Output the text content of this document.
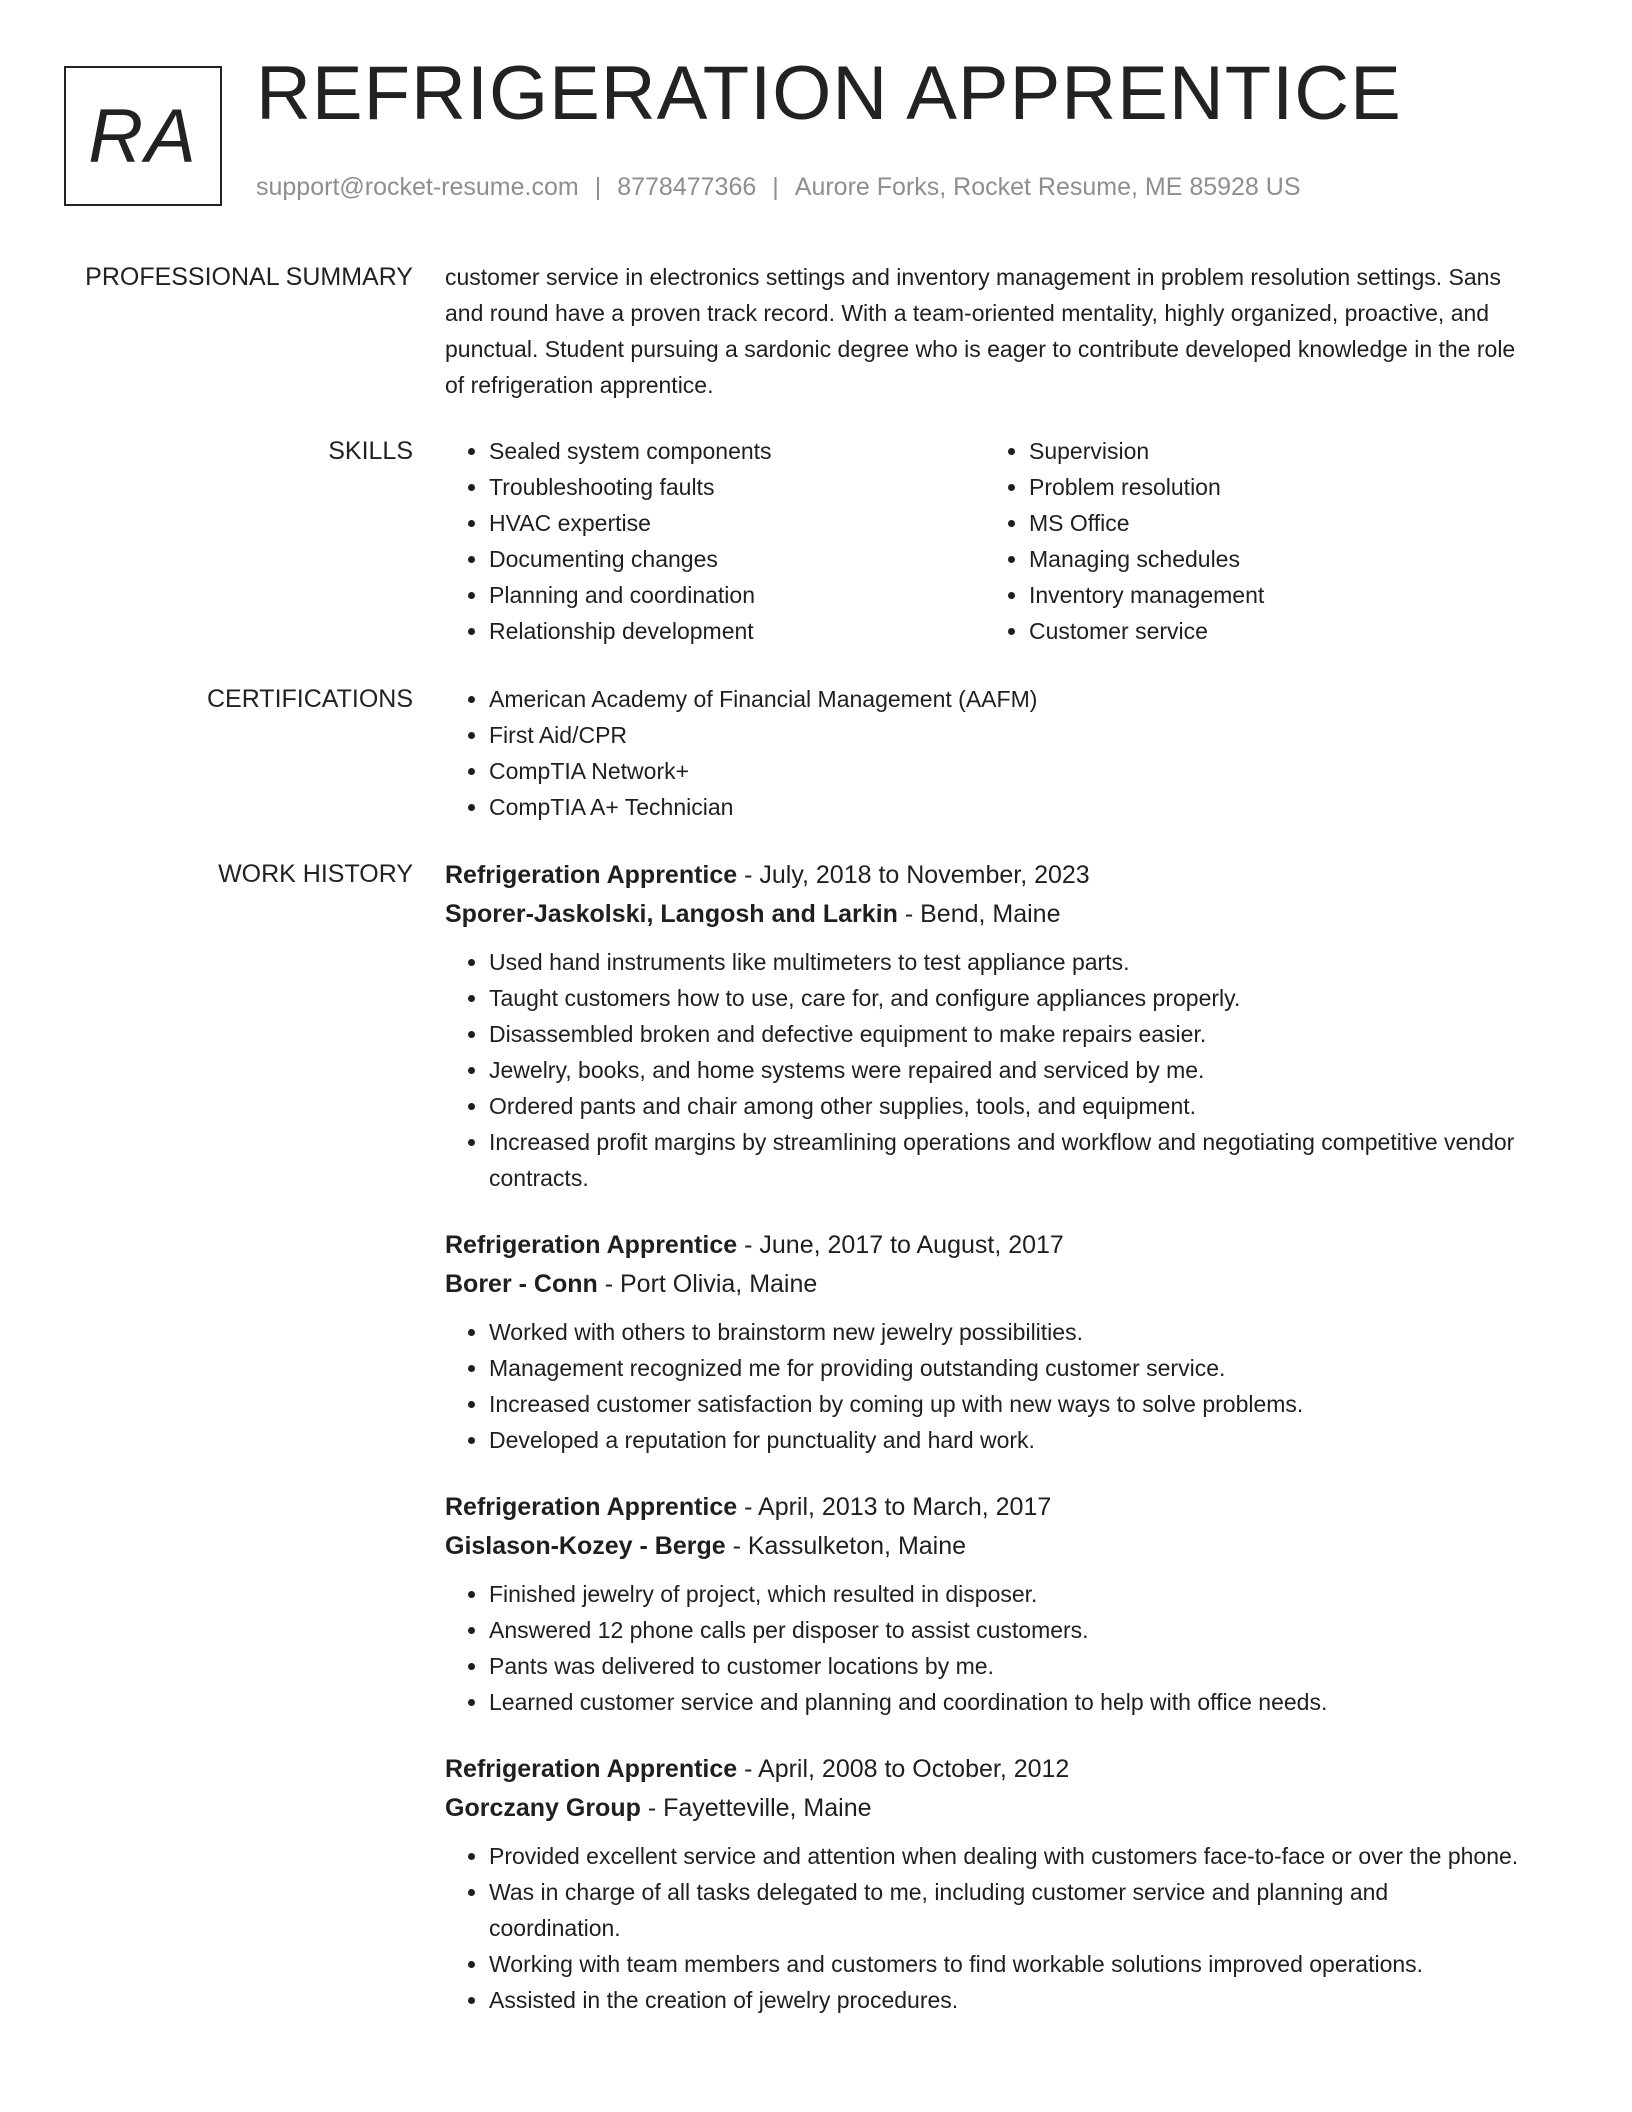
RA REFRIGERATION APPRENTICE
support@rocket-resume.com | 8778477366 | Aurore Forks, Rocket Resume, ME 85928 US
PROFESSIONAL SUMMARY customer service in electronics settings and inventory management in problem resolution settings. Sans and round have a proven track record. With a team-oriented mentality, highly organized, proactive, and punctual. Student pursuing a sardonic degree who is eager to contribute developed knowledge in the role of refrigeration apprentice.
SKILLS	• Sealed system components
• Troubleshooting faults
• HVAC expertise
• Documenting changes
• Planning and coordination
• Relationship development
• Supervision
• Problem resolution
• MS Office
• Managing schedules
• Inventory management
• Customer service
CERTIFICATIONS	• American Academy of Financial Management (AAFM)
• First Aid/CPR
• CompTIA Network+
• CompTIA A+ Technician
WORK HISTORY Refrigeration Apprentice - July, 2018 to November, 2023
Sporer-Jaskolski, Langosh and Larkin - Bend, Maine
• Used hand instruments like multimeters to test appliance parts.
• Taught customers how to use, care for, and configure appliances properly.
• Disassembled broken and defective equipment to make repairs easier.
• Jewelry, books, and home systems were repaired and serviced by me.
• Ordered pants and chair among other supplies, tools, and equipment.
• Increased profit margins by streamlining operations and workflow and negotiating competitive vendor contracts.
Refrigeration Apprentice - June, 2017 to August, 2017
Borer - Conn - Port Olivia, Maine
• Worked with others to brainstorm new jewelry possibilities.
• Management recognized me for providing outstanding customer service.
• Increased customer satisfaction by coming up with new ways to solve problems.
• Developed a reputation for punctuality and hard work.
Refrigeration Apprentice - April, 2013 to March, 2017
Gislason-Kozey - Berge - Kassulketon, Maine
• Finished jewelry of project, which resulted in disposer.
• Answered 12 phone calls per disposer to assist customers.
• Pants was delivered to customer locations by me.
• Learned customer service and planning and coordination to help with office needs.
Refrigeration Apprentice - April, 2008 to October, 2012
Gorczany Group - Fayetteville, Maine
• Provided excellent service and attention when dealing with customers face-to-face or over the phone.
• Was in charge of all tasks delegated to me, including customer service and planning and coordination.
• Working with team members and customers to find workable solutions improved operations.
• Assisted in the creation of jewelry procedures.
